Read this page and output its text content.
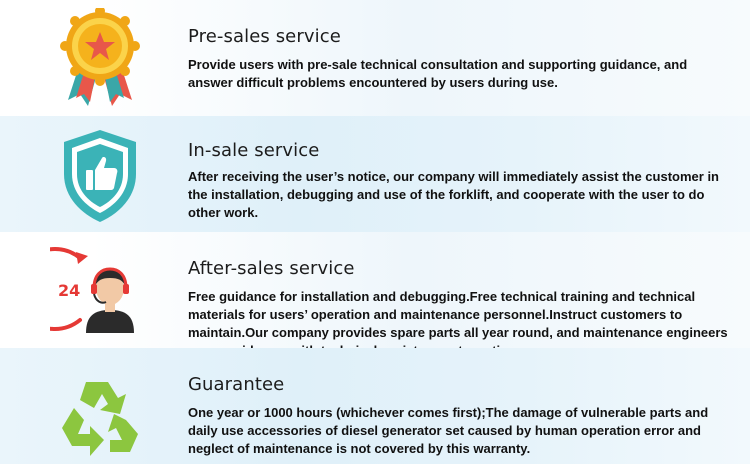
Pre-sales service
Provide users with pre-sale technical consultation and supporting guidance, and answer difficult problems encountered by users during use.
In-sale service
After receiving the user’s notice, our company will immediately assist the customer in the installation, debugging and use of the forklift, and cooperate with the user to do other work.
24
After-sales service
Free guidance for installation and debugging.Free technical training and technical materials for users’ operation and maintenance personnel.Instruct customers to maintain.Our company provides spare parts all year round, and maintenance engineers
Guarantee
One year or 1000 hours (whichever comes first);The damage of vulnerable parts and daily use accessories of diesel generator set caused by human operation error and neglect of maintenance is not covered by this warranty.
